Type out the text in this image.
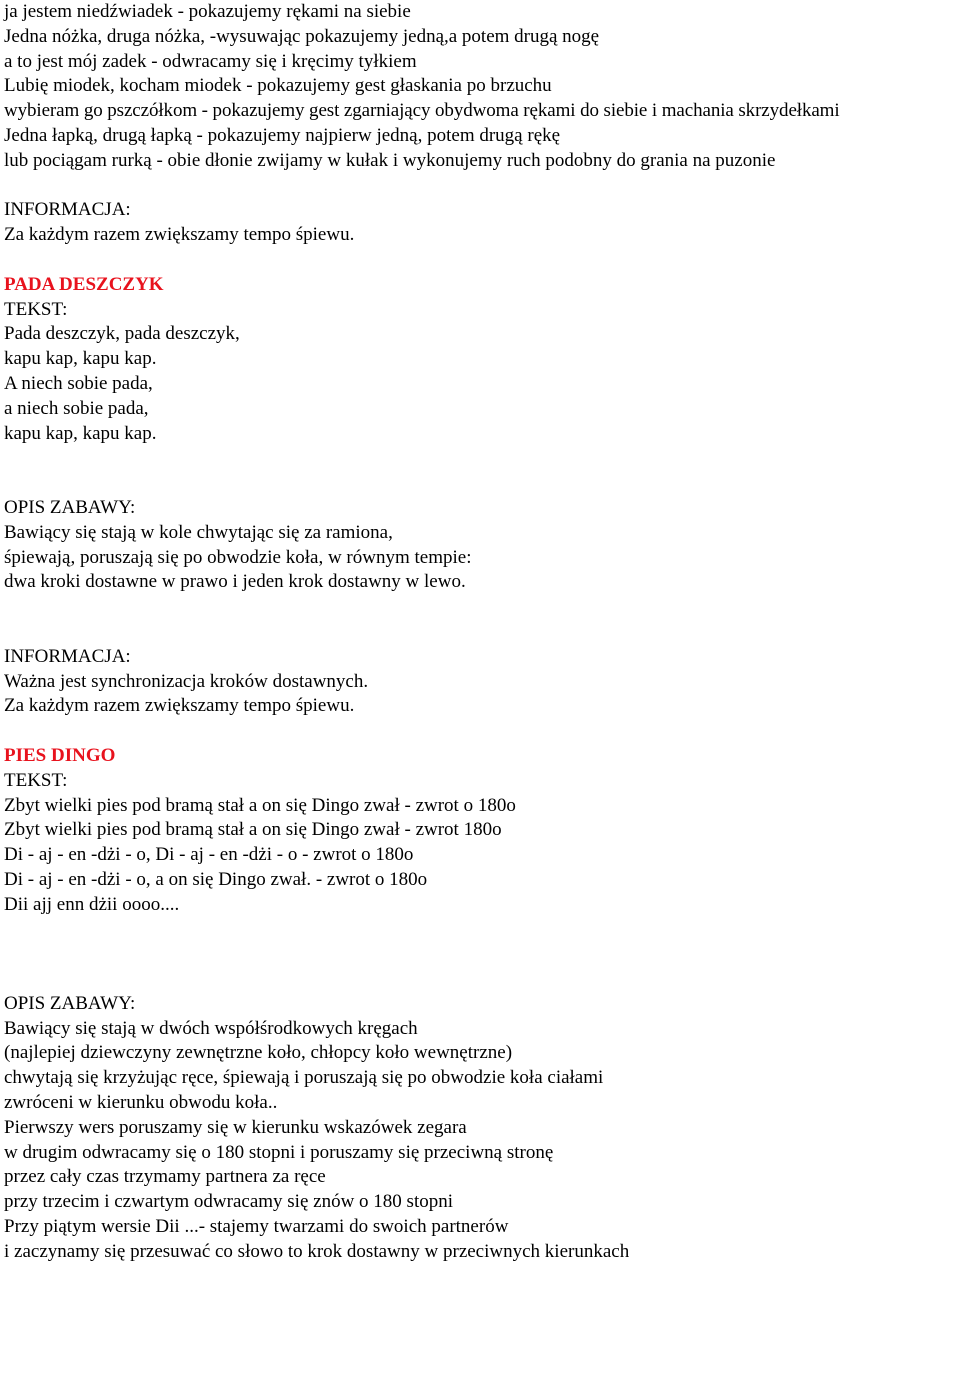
ja jestem niedźwiadek - pokazujemy rękami na siebie
Jedna nóżka, druga nóżka, -wysuwając pokazujemy jedną,a potem drugą nogę
a to jest mój zadek - odwracamy się i kręcimy tyłkiem
Lubię miodek, kocham miodek - pokazujemy gest głaskania po brzuchu
wybieram go pszczółkom - pokazujemy gest zgarniający obydwoma rękami do siebie i machania skrzydełkami
Jedna łapką, drugą łapką - pokazujemy najpierw jedną, potem drugą rękę
lub pociągam rurką - obie dłonie zwijamy w kułak i wykonujemy ruch podobny do grania na puzonie
INFORMACJA:
Za każdym razem zwiększamy tempo śpiewu.
PADA DESZCZYK
TEKST:
Pada deszczyk, pada deszczyk,
kapu kap, kapu kap.
A niech sobie pada,
a niech sobie pada,
kapu kap, kapu kap.
OPIS ZABAWY:
Bawiący się stają w kole chwytając się za ramiona,
śpiewają, poruszają się po obwodzie koła, w równym tempie:
dwa kroki dostawne w prawo i jeden krok dostawny w lewo.
INFORMACJA:
Ważna jest synchronizacja kroków dostawnych.
Za każdym razem zwiększamy tempo śpiewu.
PIES DINGO
TEKST:
Zbyt wielki pies pod bramą stał a on się Dingo zwał - zwrot o 180o
Zbyt wielki pies pod bramą stał a on się Dingo zwał - zwrot 180o
Di - aj - en -dżi - o, Di - aj - en -dżi - o - zwrot o 180o
Di - aj - en -dżi - o, a on się Dingo zwał. - zwrot o 180o
Dii ajj enn dżii oooo....
OPIS ZABAWY:
Bawiący się stają w dwóch współśrodkowych kręgach
(najlepiej dziewczyny zewnętrzne koło, chłopcy koło wewnętrzne)
chwytają się krzyżując ręce, śpiewają i poruszają się po obwodzie koła ciałami
zwróceni w kierunku obwodu koła..
Pierwszy wers poruszamy się w kierunku wskazówek zegara
w drugim odwracamy się o 180 stopni i poruszamy się przeciwną stronę
przez cały czas trzymamy partnera za ręce
przy trzecim i czwartym odwracamy się znów o 180 stopni
Przy piątym wersie Dii ...- stajemy twarzami do swoich partnerów
i zaczynamy się przesuwać co słowo to krok dostawny w przeciwnych kierunkach
